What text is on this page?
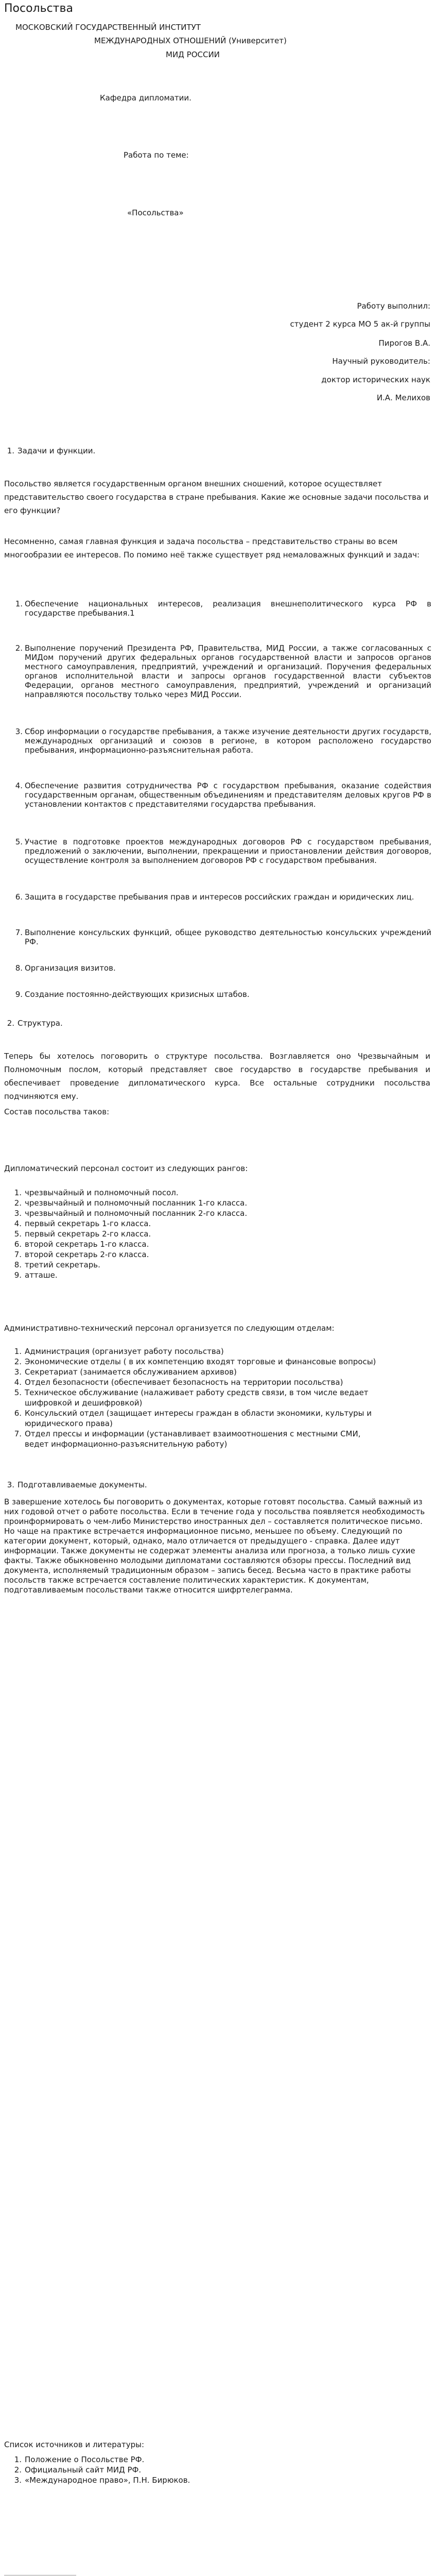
Посольства
МОСКОВСКИЙ ГОСУДАРСТВЕННЫЙ ИНСТИТУТ
МЕЖДУНАРОДНЫХ ОТНОШЕНИЙ (Университет)
МИД РОССИИ
Кафедра дипломатии.
Работа по теме:
«Посольства»
Работу выполнил:
студент 2 курса МО 5 ак-й группы
Пирогов В.А.
Научный руководитель:
доктор исторических наук
И.А. Мелихов
1. Задачи и функции.
Посольство является государственным органом внешних сношений, которое осуществляет представительство своего государства в стране пребывания. Какие же основные задачи посольства и его функции?
Несомненно, самая главная функция и задача посольства – представительство страны во всем многообразии ее интересов. По помимо неё также существует ряд немаловажных функций и задач:
1. Обеспечение национальных интересов, реализация внешнеполитического курса РФ в государстве пребывания.1
2. Выполнение поручений Президента РФ, Правительства, МИД России, а также согласованных с МИДом поручений других федеральных органов государственной власти и запросов органов местного самоуправления, предприятий, учреждений и организаций. Поручения федеральных органов исполнительной власти и запросы органов государственной власти субъектов Федерации, органов местного самоуправления, предприятий, учреждений и организаций направляются посольству только через МИД России.
3. Сбор информации о государстве пребывания, а также изучение деятельности других государств, международных организаций и союзов в регионе, в котором расположено государство пребывания, информационно-разъяснительная работа.
4. Обеспечение развития сотрудничества РФ с государством пребывания, оказание содействия государственным органам, общественным объединениям и представителям деловых кругов РФ в установлении контактов с представителями государства пребывания.
5. Участие в подготовке проектов международных договоров РФ с государством пребывания, предложений о заключении, выполнении, прекращении и приостановлении действия договоров, осуществление контроля за выполнением договоров РФ с государством пребывания.
6. Защита в государстве пребывания прав и интересов российских граждан и юридических лиц.
7. Выполнение консульских функций, общее руководство деятельностью консульских учреждений РФ.
8. Организация визитов.
9. Создание постоянно-действующих кризисных штабов.
2. Структура.
Теперь бы хотелось поговорить о структуре посольства. Возглавляется оно Чрезвычайным и Полномочным послом, который представляет свое государство в государстве пребывания и обеспечивает проведение дипломатического курса. Все остальные сотрудники посольства подчиняются ему.
Состав посольства таков:
Дипломатический персонал состоит из следующих рангов:
1. чрезвычайный и полномочный посол.
2. чрезвычайный и полномочный посланник 1-го класса.
3. чрезвычайный и полномочный посланник 2-го класса.
4. первый секретарь 1-го класса.
5. первый секретарь 2-го класса.
6. второй секретарь 1-го класса.
7. второй секретарь 2-го класса.
8. третий секретарь.
9. атташе.
Административно-технический персонал организуется по следующим отделам:
1. Администрация (организует работу посольства)
2. Экономические отделы ( в их компетенцию входят торговые и финансовые вопросы)
3. Секретариат (занимается обслуживанием архивов)
4. Отдел безопасности (обеспечивает безопасность на территории посольства)
5. Техническое обслуживание (налаживает работу средств связи, в том числе ведает шифровкой и дешифровкой)
6. Консульский отдел (защищает интересы граждан в области экономики, культуры и юридического права)
7. Отдел прессы и информации (устанавливает взаимоотношения с местными СМИ, ведет информационно-разъяснительную работу)
3. Подготавливаемые документы.
В завершение хотелось бы поговорить о документах, которые готовят посольства. Самый важный из них годовой отчет о работе посольства. Если в течение года у посольства появляется необходимость проинформировать о чем-либо Министерство иностранных дел – составляется политическое письмо. Но чаще на практике встречается информационное письмо, меньшее по объему. Следующий по категории документ, который, однако, мало отличается от предыдущего - справка. Далее идут информации. Также документы не содержат элементы анализа или прогноза, а только лишь сухие факты. Также обыкновенно молодыми дипломатами составляются обзоры прессы. Последний вид документа, исполняемый традиционным образом – запись бесед. Весьма часто в практике работы посольств также встречается составление политических характеристик. К документам, подготавливаемым посольствами также относится шифртелеграмма.
Список источников и литературы:
1. Положение о Посольстве РФ.
2. Официальный сайт МИД РФ.
3. «Международное право», П.Н. Бирюков.
